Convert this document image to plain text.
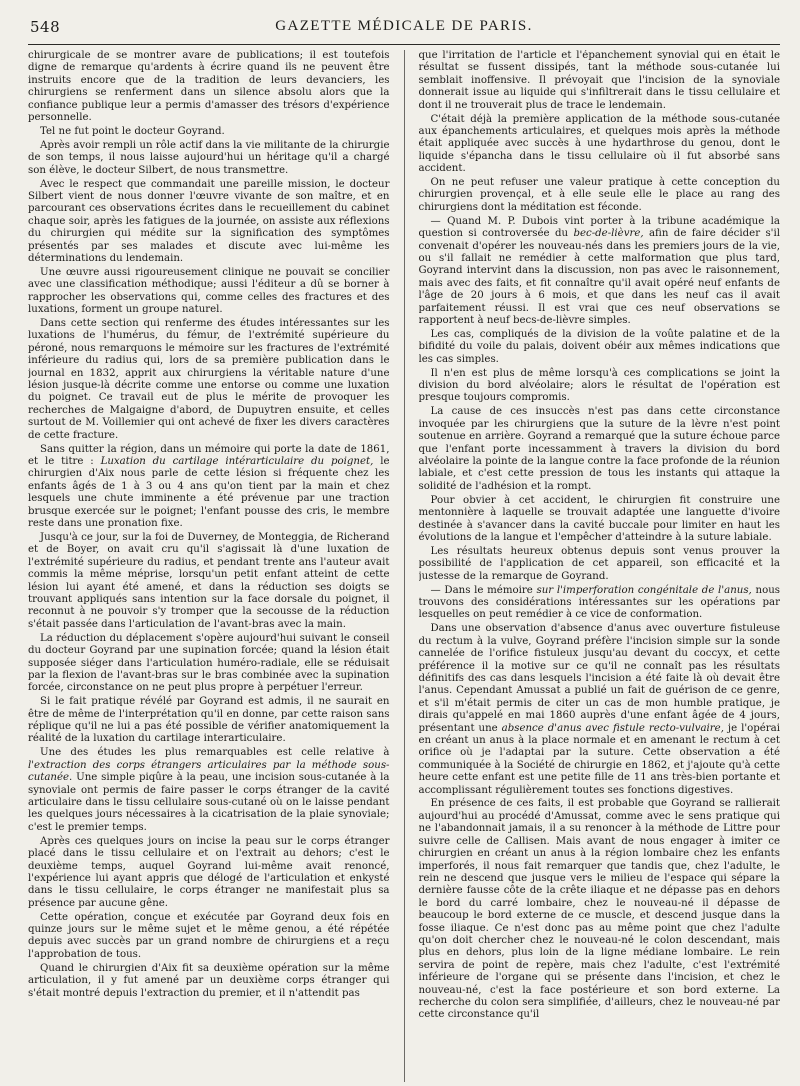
548	GAZETTE MÉDICALE DE PARIS.

chirurgicale de se montrer avare de publications; il est toutefois digne de remarque qu'ardents à écrire quand ils ne peuvent être instruits encore que de la tradition de leurs devanciers, les chirurgiens se renferment dans un silence absolu alors que la confiance publique leur a permis d'amasser des trésors d'expérience personnelle.

Tel ne fut point le docteur Goyrand.

Après avoir rempli un rôle actif dans la vie militante de la chirurgie de son temps, il nous laisse aujourd'hui un héritage qu'il a chargé son élève, le docteur Silbert, de nous transmettre.

Avec le respect que commandait une pareille mission, le docteur Silbert vient de nous donner l'œuvre vivante de son maître, et en parcourant ces observations écrites dans le recueillement du cabinet chaque soir, après les fatigues de la journée, on assiste aux réflexions du chirurgien qui médite sur la signification des symptômes présentés par ses malades et discute avec lui-même les déterminations du lendemain.

Une œuvre aussi rigoureusement clinique ne pouvait se concilier avec une classification méthodique; aussi l'éditeur a dû se borner à rapprocher les observations qui, comme celles des fractures et des luxations, forment un groupe naturel.

Dans cette section qui renferme des études intéressantes sur les luxations de l'humérus, du fémur, de l'extrémité supérieure du péroné, nous remarquons le mémoire sur les fractures de l'extrémité inférieure du radius qui, lors de sa première publication dans le journal en 1832, apprit aux chirurgiens la véritable nature d'une lésion jusque-là décrite comme une entorse ou comme une luxation du poignet. Ce travail eut de plus le mérite de provoquer les recherches de Malgaigne d'abord, de Dupuytren ensuite, et celles surtout de M. Voillemier qui ont achevé de fixer les divers caractères de cette fracture.

Sans quitter la région, dans un mémoire qui porte la date de 1861, et le titre : Luxation du cartilage intérarticulaire du poignet, le chirurgien d'Aix nous parle de cette lésion si fréquente chez les enfants âgés de 1 à 3 ou 4 ans qu'on tient par la main et chez lesquels une chute imminente a été prévenue par une traction brusque exercée sur le poignet; l'enfant pousse des cris, le membre reste dans une pronation fixe.

Jusqu'à ce jour, sur la foi de Duverney, de Monteggia, de Richerand et de Boyer, on avait cru qu'il s'agissait là d'une luxation de l'extrémité supérieure du radius, et pendant trente ans l'auteur avait commis la même méprise, lorsqu'un petit enfant atteint de cette lésion lui ayant été amené, et dans la réduction ses doigts se trouvant appliqués sans intention sur la face dorsale du poignet, il reconnut à ne pouvoir s'y tromper que la secousse de la réduction s'était passée dans l'articulation de l'avant-bras avec la main.

La réduction du déplacement s'opère aujourd'hui suivant le conseil du docteur Goyrand par une supination forcée; quand la lésion était supposée siéger dans l'articulation huméro-radiale, elle se réduisait par la flexion de l'avant-bras sur le bras combinée avec la supination forcée, circonstance on ne peut plus propre à perpétuer l'erreur.

Si le fait pratique révélé par Goyrand est admis, il ne saurait en être de même de l'interprétation qu'il en donne, par cette raison sans réplique qu'il ne lui a pas été possible de vérifier anatomiquement la réalité de la luxation du cartilage interarticulaire.

Une des études les plus remarquables est celle relative à l'extraction des corps étrangers articulaires par la méthode sous-cutanée. Une simple piqûre à la peau, une incision sous-cutanée à la synoviale ont permis de faire passer le corps étranger de la cavité articulaire dans le tissu cellulaire sous-cutané où on le laisse pendant les quelques jours nécessaires à la cicatrisation de la plaie synoviale; c'est le premier temps.

Après ces quelques jours on incise la peau sur le corps étranger placé dans le tissu cellulaire et on l'extrait au dehors; c'est le deuxième temps, auquel Goyrand lui-même avait renoncé, l'expérience lui ayant appris que délogé de l'articulation et enkysté dans le tissu cellulaire, le corps étranger ne manifestait plus sa présence par aucune gêne.

Cette opération, conçue et exécutée par Goyrand deux fois en quinze jours sur le même sujet et le même genou, a été répétée depuis avec succès par un grand nombre de chirurgiens et a reçu l'approbation de tous.

Quand le chirurgien d'Aix fit sa deuxième opération sur la même articulation, il y fut amené par un deuxième corps étranger qui s'était montré depuis l'extraction du premier, et il n'attendit pas

que l'irritation de l'article et l'épanchement synovial qui en était le résultat se fussent dissipés, tant la méthode sous-cutanée lui semblait inoffensive. Il prévoyait que l'incision de la synoviale donnerait issue au liquide qui s'infiltrerait dans le tissu cellulaire et dont il ne trouverait plus de trace le lendemain.

C'était déjà la première application de la méthode sous-cutanée aux épanchements articulaires, et quelques mois après la méthode était appliquée avec succès à une hydarthrose du genou, dont le liquide s'épancha dans le tissu cellulaire où il fut absorbé sans accident.

On ne peut refuser une valeur pratique à cette conception du chirurgien provençal, et à elle seule elle le place au rang des chirurgiens dont la méditation est féconde.

— Quand M. P. Dubois vint porter à la tribune académique la question si controversée du bec-de-lièvre, afin de faire décider s'il convenait d'opérer les nouveau-nés dans les premiers jours de la vie, ou s'il fallait ne remédier à cette malformation que plus tard, Goyrand intervint dans la discussion, non pas avec le raisonnement, mais avec des faits, et fit connaître qu'il avait opéré neuf enfants de l'âge de 20 jours à 6 mois, et que dans les neuf cas il avait parfaitement réussi. Il est vrai que ces neuf observations se rapportent à neuf becs-de-lièvre simples.

Les cas, compliqués de la division de la voûte palatine et de la bifidité du voile du palais, doivent obéir aux mêmes indications que les cas simples.

Il n'en est plus de même lorsqu'à ces complications se joint la division du bord alvéolaire; alors le résultat de l'opération est presque toujours compromis.

La cause de ces insuccès n'est pas dans cette circonstance invoquée par les chirurgiens que la suture de la lèvre n'est point soutenue en arrière. Goyrand a remarqué que la suture échoue parce que l'enfant porte incessamment à travers la division du bord alvéolaire la pointe de la langue contre la face profonde de la réunion labiale, et c'est cette pression de tous les instants qui attaque la solidité de l'adhésion et la rompt.

Pour obvier à cet accident, le chirurgien fit construire une mentonnière à laquelle se trouvait adaptée une languette d'ivoire destinée à s'avancer dans la cavité buccale pour limiter en haut les évolutions de la langue et l'empêcher d'atteindre à la suture labiale.

Les résultats heureux obtenus depuis sont venus prouver la possibilité de l'application de cet appareil, son efficacité et la justesse de la remarque de Goyrand.

— Dans le mémoire sur l'imperforation congénitale de l'anus, nous trouvons des considérations intéressantes sur les opérations par lesquelles on peut remédier à ce vice de conformation.

Dans une observation d'absence d'anus avec ouverture fistuleuse du rectum à la vulve, Goyrand préfère l'incision simple sur la sonde cannelée de l'orifice fistuleux jusqu'au devant du coccyx, et cette préférence il la motive sur ce qu'il ne connaît pas les résultats définitifs des cas dans lesquels l'incision a été faite là où devait être l'anus. Cependant Amussat a publié un fait de guérison de ce genre, et s'il m'était permis de citer un cas de mon humble pratique, je dirais qu'appelé en mai 1860 auprès d'une enfant âgée de 4 jours, présentant une absence d'anus avec fistule recto-vulvaire, je l'opérai en créant un anus à la place normale et en amenant le rectum à cet orifice où je l'adaptai par la suture. Cette observation a été communiquée à la Société de chirurgie en 1862, et j'ajoute qu'à cette heure cette enfant est une petite fille de 11 ans très-bien portante et accomplissant régulièrement toutes ses fonctions digestives.

En présence de ces faits, il est probable que Goyrand se rallierait aujourd'hui au procédé d'Amussat, comme avec le sens pratique qui ne l'abandonnait jamais, il a su renoncer à la méthode de Littre pour suivre celle de Callisen. Mais avant de nous engager à imiter ce chirurgien en créant un anus à la région lombaire chez les enfants imperforés, il nous fait remarquer que tandis que, chez l'adulte, le rein ne descend que jusque vers le milieu de l'espace qui sépare la dernière fausse côte de la crête iliaque et ne dépasse pas en dehors le bord du carré lombaire, chez le nouveau-né il dépasse de beaucoup le bord externe de ce muscle, et descend jusque dans la fosse iliaque. Ce n'est donc pas au même point que chez l'adulte qu'on doit chercher chez le nouveau-né le colon descendant, mais plus en dehors, plus loin de la ligne médiane lombaire. Le rein servira de point de repère, mais chez l'adulte, c'est l'extrémité inférieure de l'organe qui se présente dans l'incision, et chez le nouveau-né, c'est la face postérieure et son bord externe. La recherche du colon sera simplifiée, d'ailleurs, chez le nouveau-né par cette circonstance qu'il
